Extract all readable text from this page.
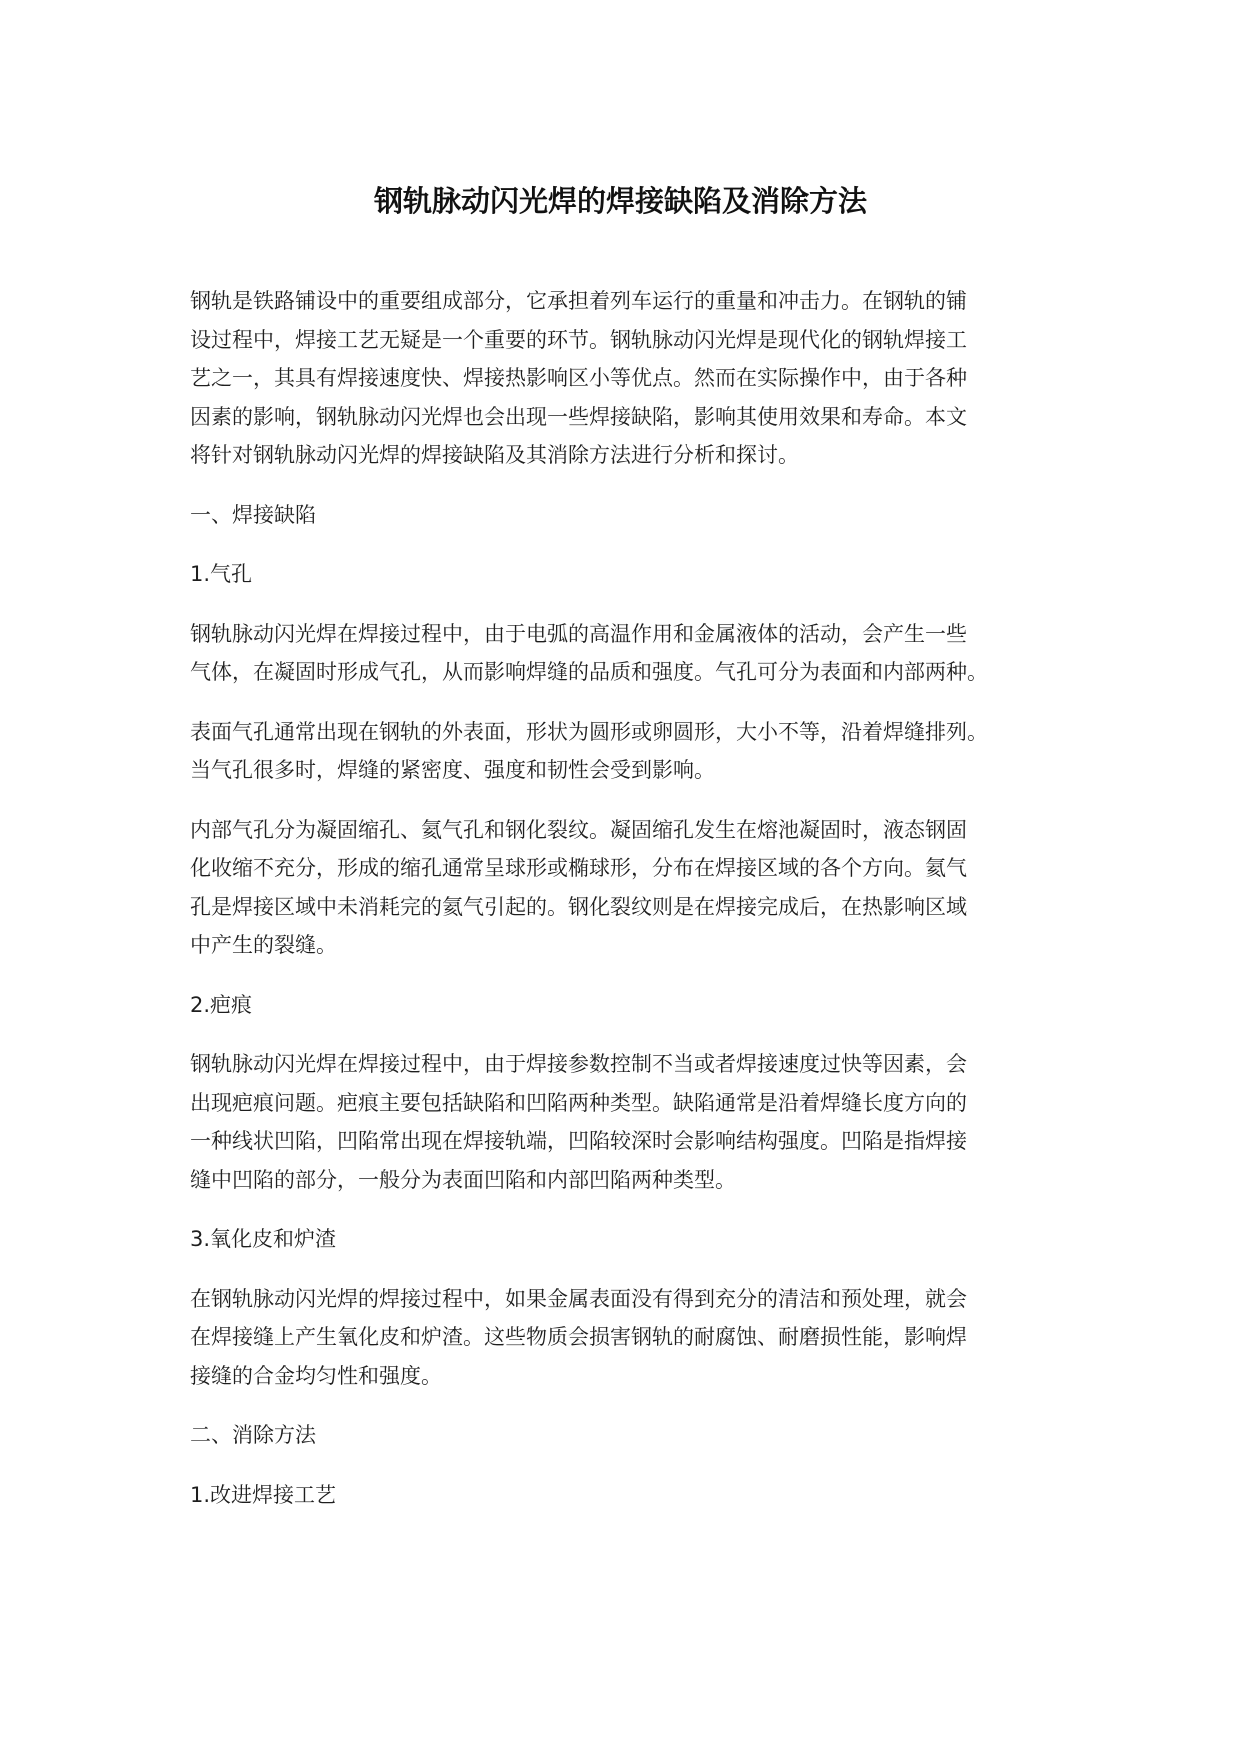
钢轨脉动闪光焊的焊接缺陷及消除方法

钢轨是铁路铺设中的重要组成部分，它承担着列车运行的重量和冲击力。在钢轨的铺
设过程中，焊接工艺无疑是一个重要的环节。钢轨脉动闪光焊是现代化的钢轨焊接工
艺之一，其具有焊接速度快、焊接热影响区小等优点。然而在实际操作中，由于各种
因素的影响，钢轨脉动闪光焊也会出现一些焊接缺陷，影响其使用效果和寿命。本文
将针对钢轨脉动闪光焊的焊接缺陷及其消除方法进行分析和探讨。

一、焊接缺陷

1.气孔

钢轨脉动闪光焊在焊接过程中，由于电弧的高温作用和金属液体的活动，会产生一些
气体，在凝固时形成气孔，从而影响焊缝的品质和强度。气孔可分为表面和内部两种。

表面气孔通常出现在钢轨的外表面，形状为圆形或卵圆形，大小不等，沿着焊缝排列。
当气孔很多时，焊缝的紧密度、强度和韧性会受到影响。

内部气孔分为凝固缩孔、氦气孔和钢化裂纹。凝固缩孔发生在熔池凝固时，液态钢固
化收缩不充分，形成的缩孔通常呈球形或椭球形，分布在焊接区域的各个方向。氦气
孔是焊接区域中未消耗完的氦气引起的。钢化裂纹则是在焊接完成后，在热影响区域
中产生的裂缝。

2.疤痕

钢轨脉动闪光焊在焊接过程中，由于焊接参数控制不当或者焊接速度过快等因素，会
出现疤痕问题。疤痕主要包括缺陷和凹陷两种类型。缺陷通常是沿着焊缝长度方向的
一种线状凹陷，凹陷常出现在焊接轨端，凹陷较深时会影响结构强度。凹陷是指焊接
缝中凹陷的部分，一般分为表面凹陷和内部凹陷两种类型。

3.氧化皮和炉渣

在钢轨脉动闪光焊的焊接过程中，如果金属表面没有得到充分的清洁和预处理，就会
在焊接缝上产生氧化皮和炉渣。这些物质会损害钢轨的耐腐蚀、耐磨损性能，影响焊
接缝的合金均匀性和强度。

二、消除方法

1.改进焊接工艺
